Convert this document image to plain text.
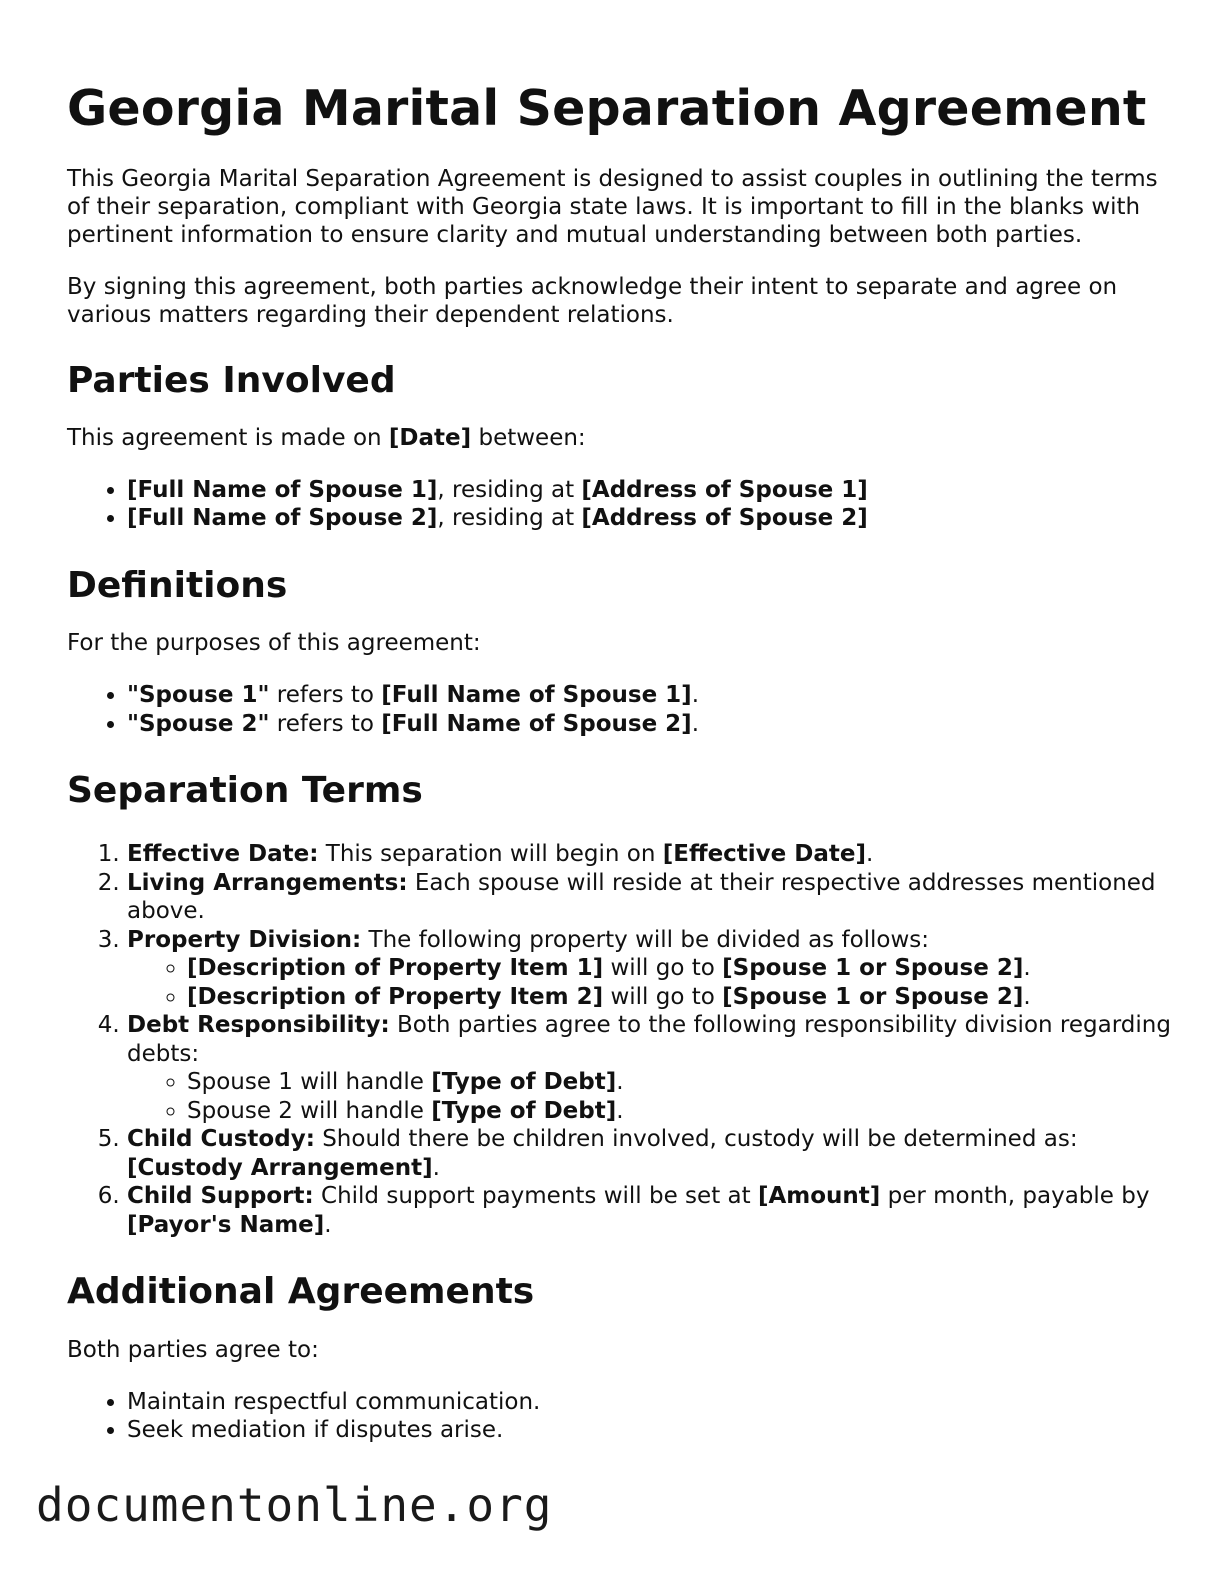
Georgia Marital Separation Agreement

This Georgia Marital Separation Agreement is designed to assist couples in outlining the terms of their separation, compliant with Georgia state laws. It is important to fill in the blanks with pertinent information to ensure clarity and mutual understanding between both parties.

By signing this agreement, both parties acknowledge their intent to separate and agree on various matters regarding their dependent relations.

Parties Involved

This agreement is made on [Date] between:

• [Full Name of Spouse 1], residing at [Address of Spouse 1]
• [Full Name of Spouse 2], residing at [Address of Spouse 2]
Definitions

For the purposes of this agreement:

• "Spouse 1" refers to [Full Name of Spouse 1].
• "Spouse 2" refers to [Full Name of Spouse 2].
Separation Terms
1. Effective Date: This separation will begin on [Effective Date].
2. Living Arrangements: Each spouse will reside at their respective addresses mentioned above.
3. Property Division: The following property will be divided as follows:
◦ [Description of Property Item 1] will go to [Spouse 1 or Spouse 2].
◦ [Description of Property Item 2] will go to [Spouse 1 or Spouse 2].
4. Debt Responsibility: Both parties agree to the following responsibility division regarding debts:
◦ Spouse 1 will handle [Type of Debt].
◦ Spouse 2 will handle [Type of Debt].
5. Child Custody: Should there be children involved, custody will be determined as: [Custody Arrangement].
6. Child Support: Child support payments will be set at [Amount] per month, payable by [Payor's Name].
Additional Agreements

Both parties agree to:

• Maintain respectful communication.
• Seek mediation if disputes arise.
documentonline.org
